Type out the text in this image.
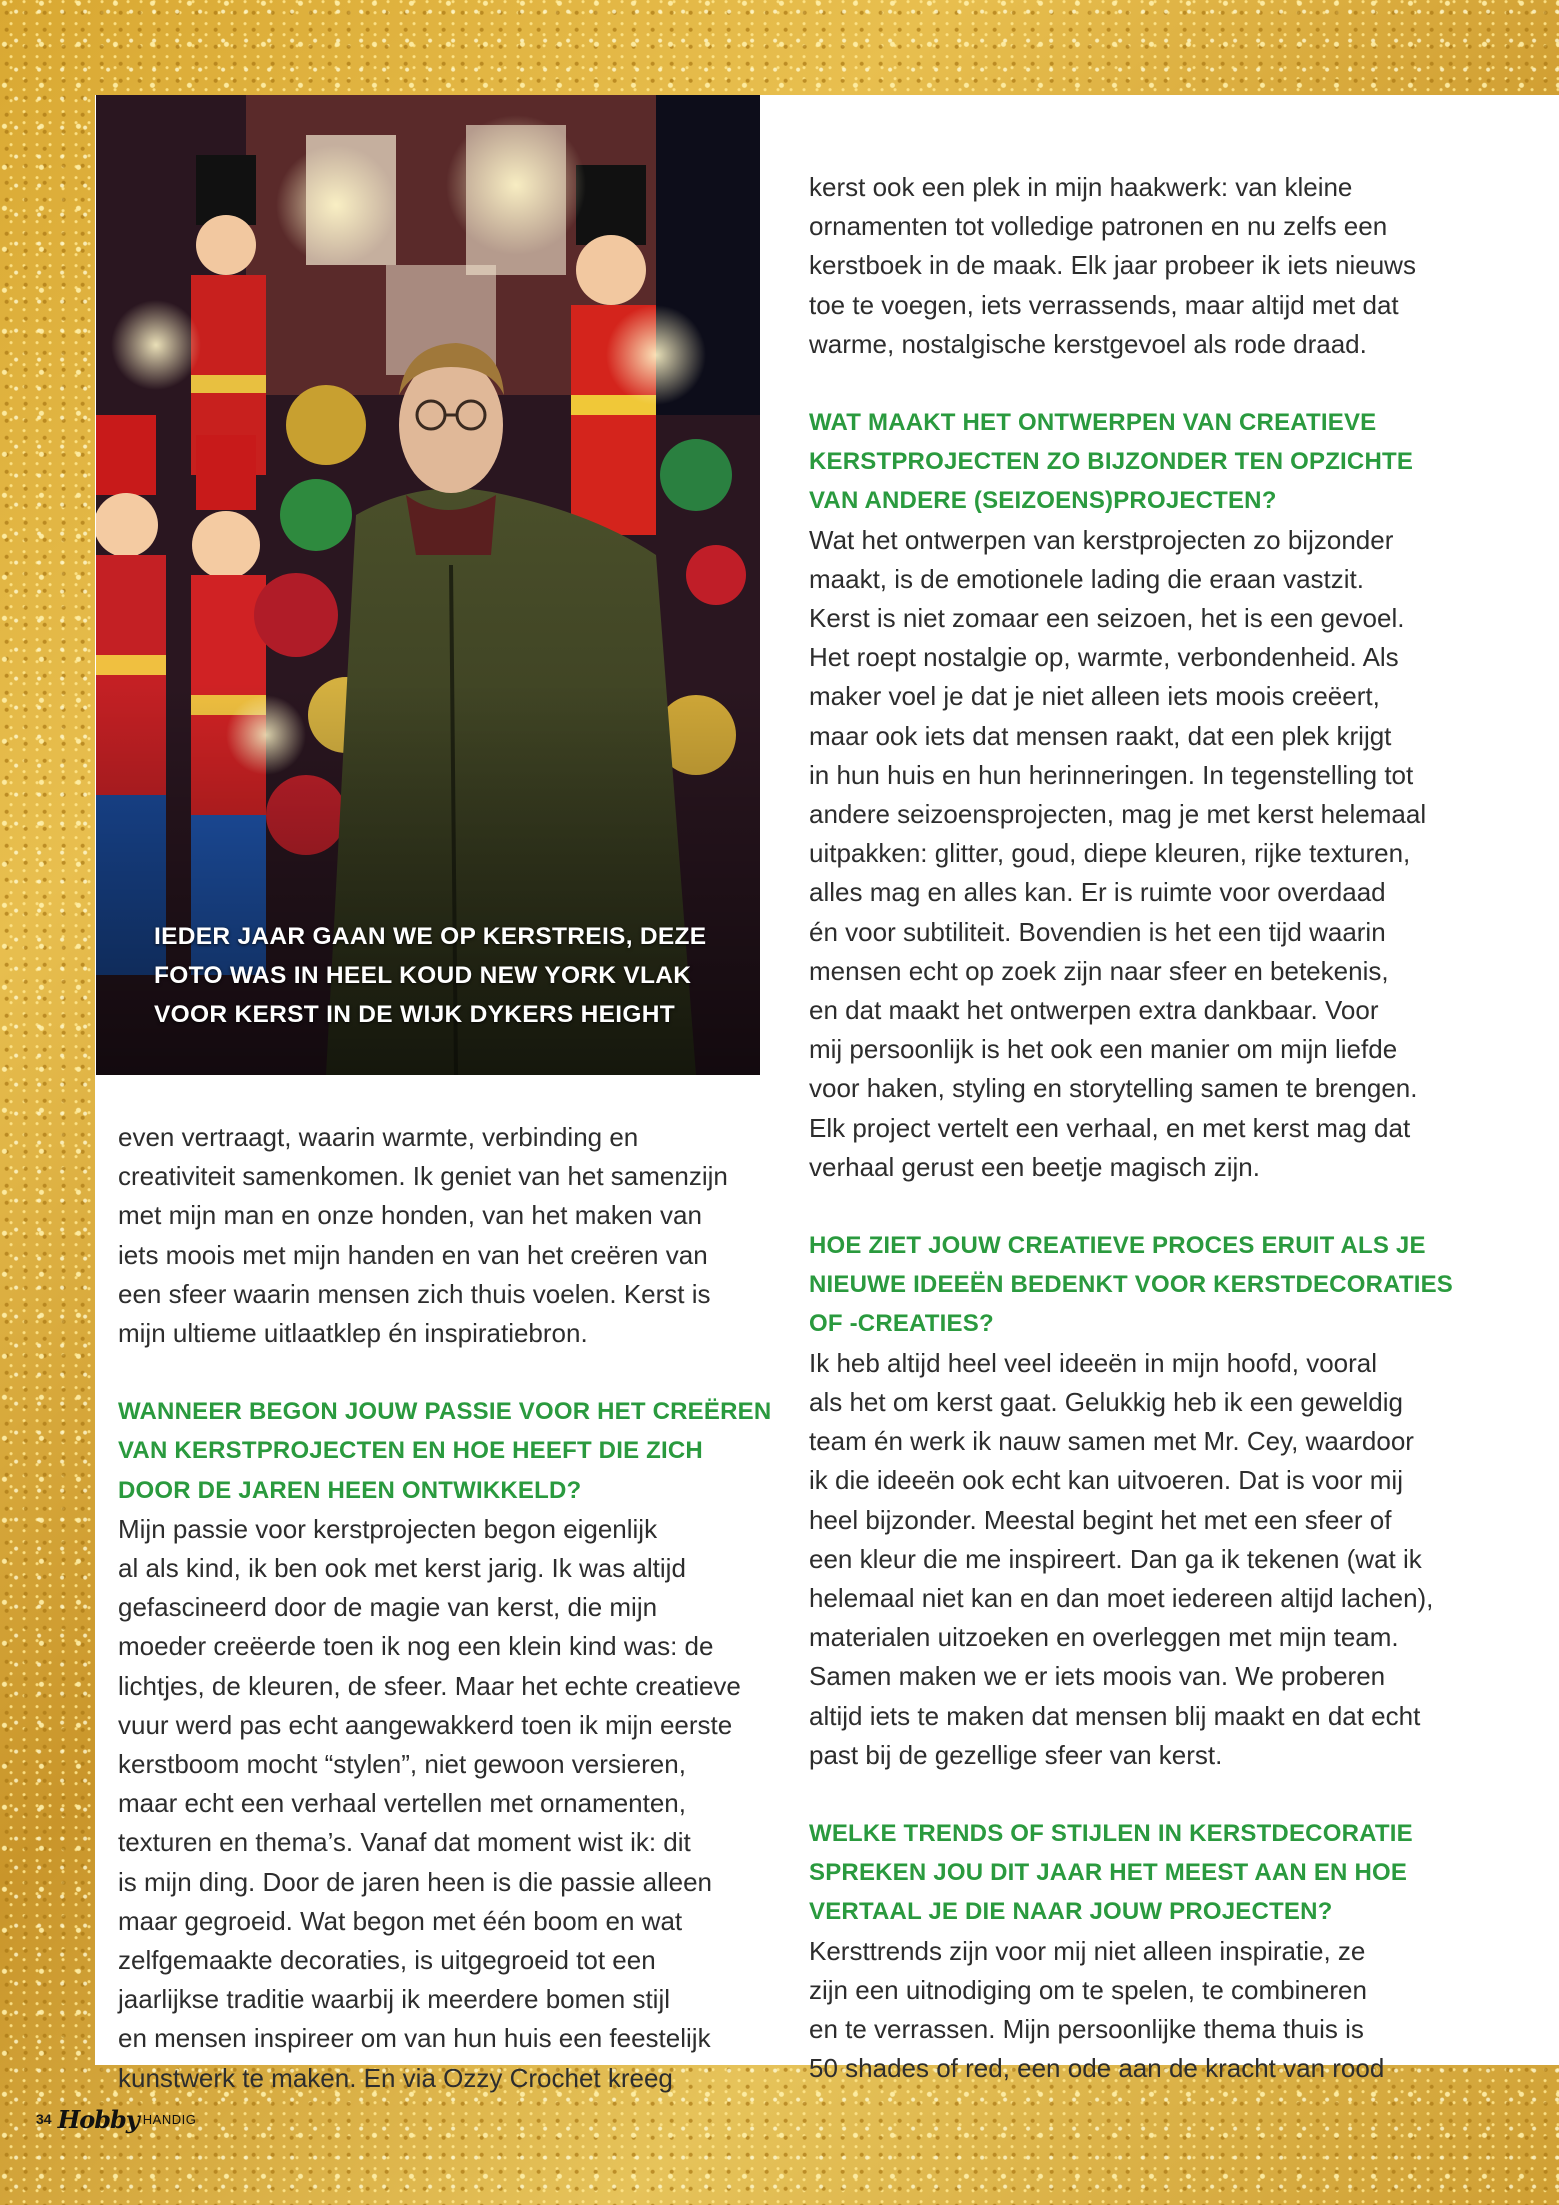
IEDER JAAR GAAN WE OP KERSTREIS, DEZE
FOTO WAS IN HEEL KOUD NEW YORK VLAK
VOOR KERST IN DE WIJK DYKERS HEIGHT

even vertraagt, waarin warmte, verbinding en
creativiteit samenkomen. Ik geniet van het samenzijn
met mijn man en onze honden, van het maken van
iets moois met mijn handen en van het creëren van
een sfeer waarin mensen zich thuis voelen. Kerst is
mijn ultieme uitlaatklep én inspiratiebron.

WANNEER BEGON JOUW PASSIE VOOR HET CREËREN
VAN KERSTPROJECTEN EN HOE HEEFT DIE ZICH
DOOR DE JAREN HEEN ONTWIKKELD?

Mijn passie voor kerstprojecten begon eigenlijk
al als kind, ik ben ook met kerst jarig. Ik was altijd
gefascineerd door de magie van kerst, die mijn
moeder creëerde toen ik nog een klein kind was: de
lichtjes, de kleuren, de sfeer. Maar het echte creatieve
vuur werd pas echt aangewakkerd toen ik mijn eerste
kerstboom mocht “stylen”, niet gewoon versieren,
maar echt een verhaal vertellen met ornamenten,
texturen en thema’s. Vanaf dat moment wist ik: dit
is mijn ding. Door de jaren heen is die passie alleen
maar gegroeid. Wat begon met één boom en wat
zelfgemaakte decoraties, is uitgegroeid tot een
jaarlijkse traditie waarbij ik meerdere bomen stijl
en mensen inspireer om van hun huis een feestelijk
kunstwerk te maken. En via Ozzy Crochet kreeg

kerst ook een plek in mijn haakwerk: van kleine
ornamenten tot volledige patronen en nu zelfs een
kerstboek in de maak. Elk jaar probeer ik iets nieuws
toe te voegen, iets verrassends, maar altijd met dat
warme, nostalgische kerstgevoel als rode draad.

WAT MAAKT HET ONTWERPEN VAN CREATIEVE
KERSTPROJECTEN ZO BIJZONDER TEN OPZICHTE
VAN ANDERE (SEIZOENS)PROJECTEN?

Wat het ontwerpen van kerstprojecten zo bijzonder
maakt, is de emotionele lading die eraan vastzit.
Kerst is niet zomaar een seizoen, het is een gevoel.
Het roept nostalgie op, warmte, verbondenheid. Als
maker voel je dat je niet alleen iets moois creëert,
maar ook iets dat mensen raakt, dat een plek krijgt
in hun huis en hun herinneringen. In tegenstelling tot
andere seizoensprojecten, mag je met kerst helemaal
uitpakken: glitter, goud, diepe kleuren, rijke texturen,
alles mag en alles kan. Er is ruimte voor overdaad
én voor subtiliteit. Bovendien is het een tijd waarin
mensen echt op zoek zijn naar sfeer en betekenis,
en dat maakt het ontwerpen extra dankbaar. Voor
mij persoonlijk is het ook een manier om mijn liefde
voor haken, styling en storytelling samen te brengen.
Elk project vertelt een verhaal, en met kerst mag dat
verhaal gerust een beetje magisch zijn.

HOE ZIET JOUW CREATIEVE PROCES ERUIT ALS JE
NIEUWE IDEEËN BEDENKT VOOR KERSTDECORATIES
OF -CREATIES?

Ik heb altijd heel veel ideeën in mijn hoofd, vooral
als het om kerst gaat. Gelukkig heb ik een geweldig
team én werk ik nauw samen met Mr. Cey, waardoor
ik die ideeën ook echt kan uitvoeren. Dat is voor mij
heel bijzonder. Meestal begint het met een sfeer of
een kleur die me inspireert. Dan ga ik tekenen (wat ik
helemaal niet kan en dan moet iedereen altijd lachen),
materialen uitzoeken en overleggen met mijn team.
Samen maken we er iets moois van. We proberen
altijd iets te maken dat mensen blij maakt en dat echt
past bij de gezellige sfeer van kerst.

WELKE TRENDS OF STIJLEN IN KERSTDECORATIE
SPREKEN JOU DIT JAAR HET MEEST AAN EN HOE
VERTAAL JE DIE NAAR JOUW PROJECTEN?

Kersttrends zijn voor mij niet alleen inspiratie, ze
zijn een uitnodiging om te spelen, te combineren
en te verrassen. Mijn persoonlijke thema thuis is
50 shades of red, een ode aan de kracht van rood

34 Hobby HANDIG
